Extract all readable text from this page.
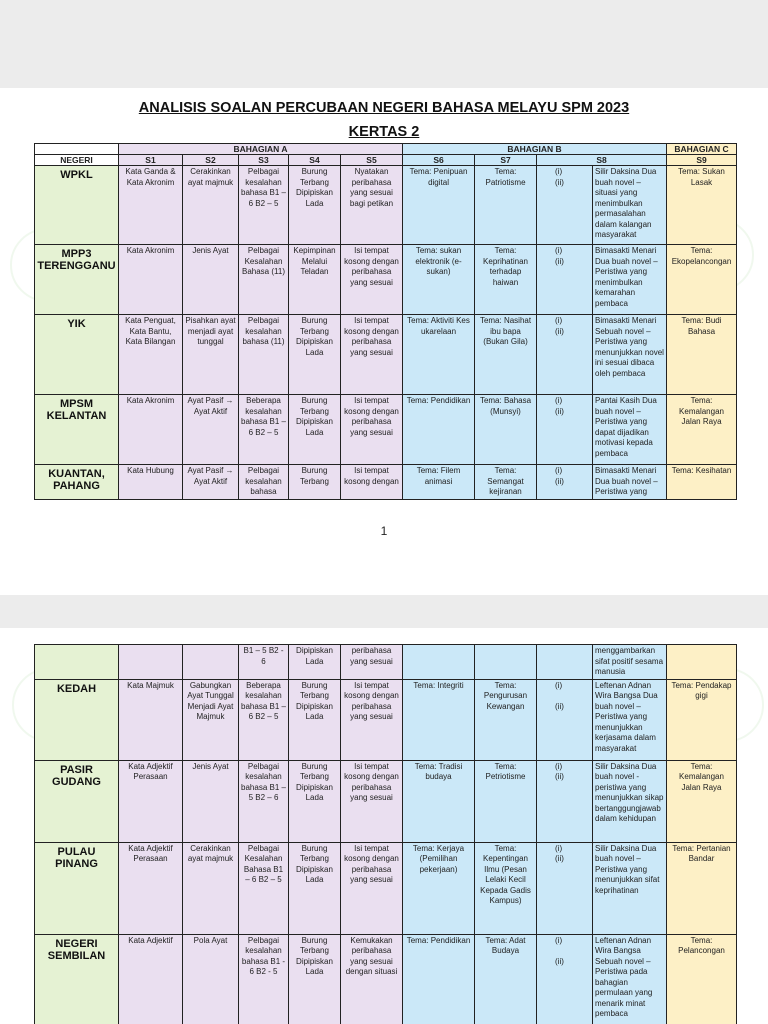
ANALISIS SOALAN PERCUBAAN NEGERI BAHASA MELAYU SPM 2023
KERTAS 2
	BAHAGIAN A					BAHAGIAN B				BAHAGIAN C
NEGERI	S1	S2	S3	S4	S5	S6	S7	S8		S9
WPKL	Kata Ganda & Kata Akronim	Cerakinkan ayat majmuk	Pelbagai kesalahan bahasa B1 – 6 B2 – 5	Burung Terbang Dipipiskan Lada	Nyatakan peribahasa yang sesuai bagi petikan	Tema: Penipuan digital	Tema: Patriotisme	(i)
(ii)	Silir Daksina Dua buah novel – situasi yang menimbulkan permasalahan dalam kalangan masyarakat	Tema: Sukan Lasak
MPP3 TERENGGANU	Kata Akronim	Jenis Ayat	Pelbagai Kesalahan Bahasa (11)	Kepimpinan Melalui Teladan	Isi tempat kosong dengan peribahasa yang sesuai	Tema: sukan elektronik (e-sukan)	Tema: Keprihatinan terhadap haiwan	(i)
(ii)	Bimasakti Menari Dua buah novel – Peristiwa yang menimbulkan kemarahan pembaca	Tema: Ekopelancongan
YIK	Kata Penguat, Kata Bantu, Kata Bilangan	Pisahkan ayat menjadi ayat tunggal	Pelbagai kesalahan bahasa (11)	Burung Terbang Dipipiskan Lada	Isi tempat kosong dengan peribahasa yang sesuai	Tema: Aktiviti Kes ukarelaan	Tema: Nasihat ibu bapa (Bukan Gila)	(i)
(ii)	Bimasakti Menari Sebuah novel – Peristiwa yang menunjukkan novel ini sesuai dibaca oleh pembaca	Tema: Budi Bahasa
MPSM KELANTAN	Kata Akronim	Ayat Pasif → Ayat Aktif	Beberapa kesalahan bahasa B1 – 6 B2 – 5	Burung Terbang Dipipiskan Lada	Isi tempat kosong dengan peribahasa yang sesuai	Tema: Pendidikan	Tema: Bahasa (Munsyi)	(i)
(ii)	Pantai Kasih Dua buah novel – Peristiwa yang dapat dijadikan motivasi kepada pembaca	Tema: Kemalangan Jalan Raya
KUANTAN, PAHANG	Kata Hubung	Ayat Pasif → Ayat Aktif	Pelbagai kesalahan bahasa	Burung Terbang	Isi tempat kosong dengan	Tema: Filem animasi	Tema: Semangat kejiranan	(i)
(ii)	Bimasakti Menari Dua buah novel – Peristiwa yang	Tema: Kesihatan
1
			B1 – 5 B2 - 6	Dipipiskan Lada	peribahasa yang sesuai				menggambarkan sifat positif sesama manusia	
KEDAH	Kata Majmuk	Gabungkan Ayat Tunggal Menjadi Ayat Majmuk	Beberapa kesalahan bahasa B1 – 6 B2 – 5	Burung Terbang Dipipiskan Lada	Isi tempat kosong dengan peribahasa yang sesuai	Tema: Integriti	Tema: Pengurusan Kewangan	(i)

(ii)	Leftenan Adnan Wira Bangsa Dua buah novel – Peristiwa yang menunjukkan kerjasama dalam masyarakat	Tema: Pendakap gigi
PASIR GUDANG	Kata Adjektif Perasaan	Jenis Ayat	Pelbagai kesalahan bahasa B1 – 5 B2 – 6	Burung Terbang Dipipiskan Lada	Isi tempat kosong dengan peribahasa yang sesuai	Tema: Tradisi budaya	Tema: Petriotisme	(i)
(ii)	Silir Daksina Dua buah novel - peristiwa yang menunjukkan sikap bertanggungjawab dalam kehidupan	Tema: Kemalangan Jalan Raya
PULAU PINANG	Kata Adjektif Perasaan	Cerakinkan ayat majmuk	Pelbagai Kesalahan Bahasa B1 – 6 B2 – 5	Burung Terbang Dipipiskan Lada	Isi tempat kosong dengan peribahasa yang sesuai	Tema: Kerjaya (Pemilihan pekerjaan)	Tema: Kepentingan Ilmu (Pesan Lelaki Kecil Kepada Gadis Kampus)	(i)
(ii)	Silir Daksina Dua buah novel – Peristiwa yang menunjukkan sifat keprihatinan	Tema: Pertanian Bandar
NEGERI SEMBILAN	Kata Adjektif	Pola Ayat	Pelbagai kesalahan bahasa B1 - 6 B2 - 5	Burung Terbang Dipipiskan Lada	Kemukakan peribahasa yang sesuai dengan situasi	Tema: Pendidikan	Tema: Adat Budaya	(i)

(ii)	Leftenan Adnan Wira Bangsa Sebuah novel – Peristiwa pada bahagian permulaan yang menarik minat pembaca	Tema: Pelancongan
